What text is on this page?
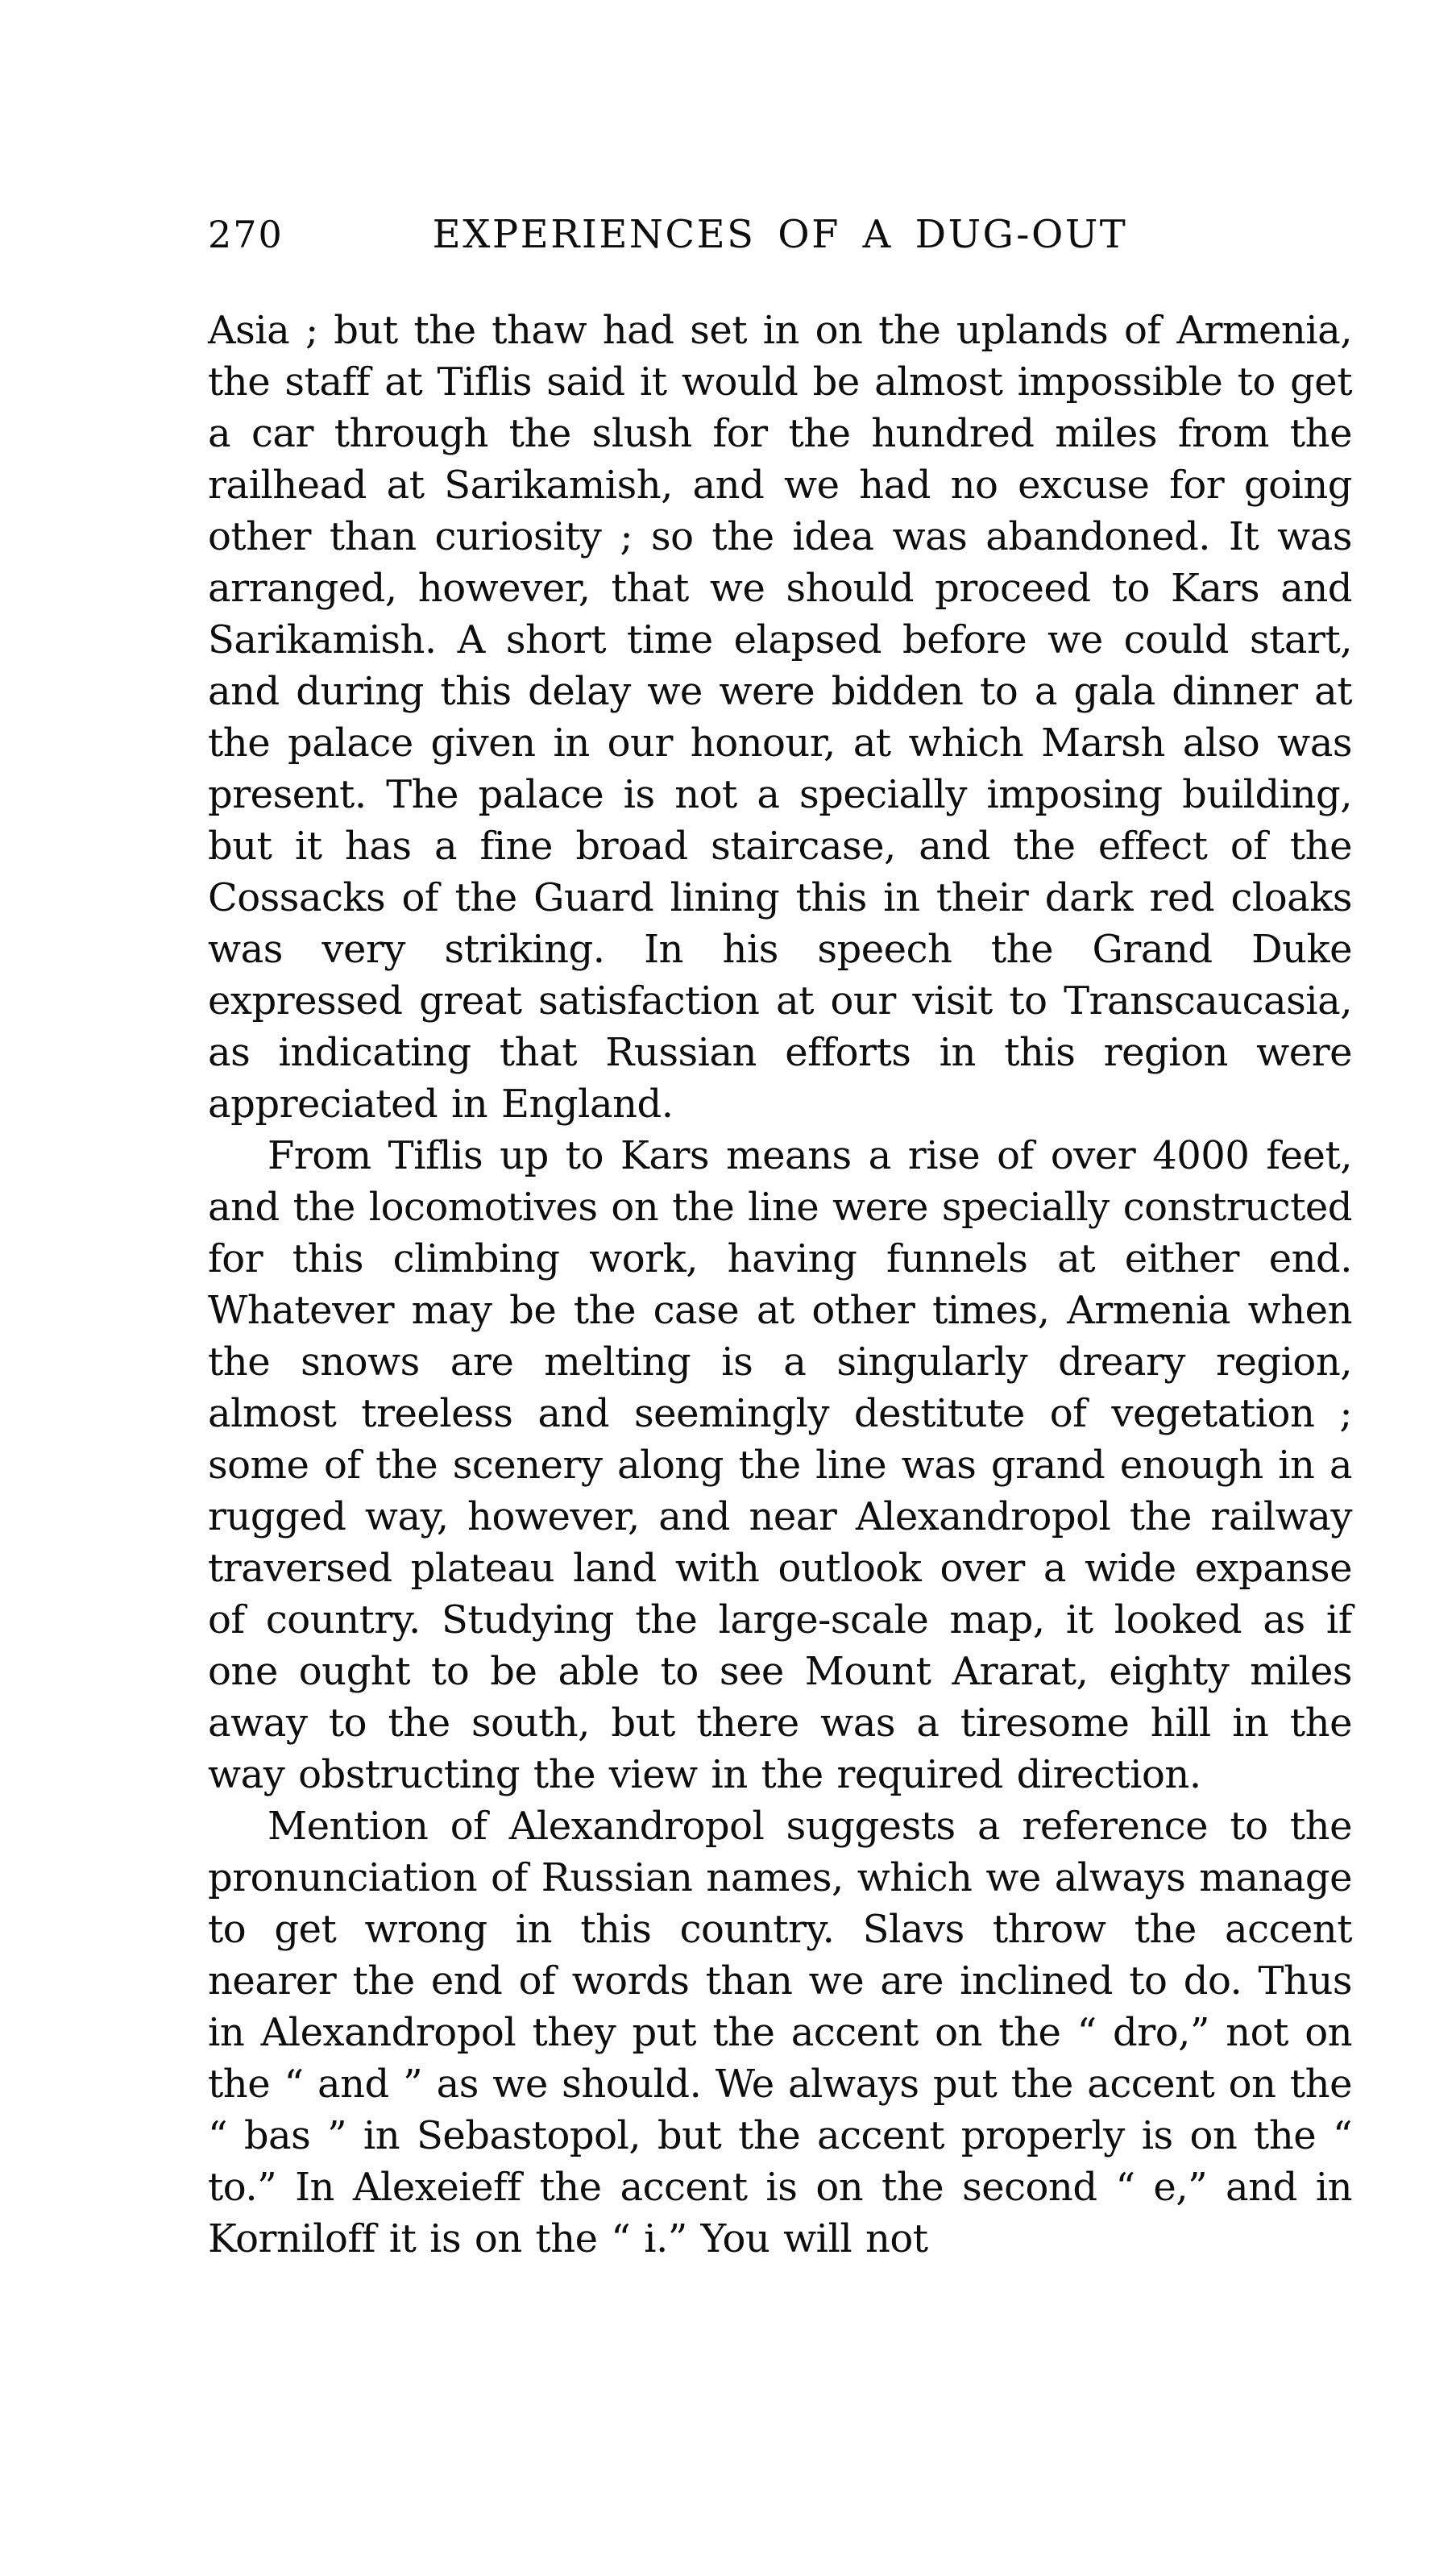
270	EXPERIENCES OF A DUG-OUT

Asia ; but the thaw had set in on the uplands of Armenia, the staff at Tiflis said it would be almost impossible to get a car through the slush for the hundred miles from the railhead at Sarikamish, and we had no excuse for going other than curiosity ; so the idea was abandoned. It was arranged, however, that we should proceed to Kars and Sarikamish. A short time elapsed before we could start, and during this delay we were bidden to a gala dinner at the palace given in our honour, at which Marsh also was present. The palace is not a specially imposing building, but it has a fine broad staircase, and the effect of the Cossacks of the Guard lining this in their dark red cloaks was very striking. In his speech the Grand Duke expressed great satisfaction at our visit to Transcaucasia, as indicating that Russian efforts in this region were appreciated in England.

From Tiflis up to Kars means a rise of over 4000 feet, and the locomotives on the line were specially constructed for this climbing work, having funnels at either end. Whatever may be the case at other times, Armenia when the snows are melting is a singularly dreary region, almost treeless and seemingly destitute of vegetation ; some of the scenery along the line was grand enough in a rugged way, however, and near Alexandropol the railway traversed plateau land with outlook over a wide expanse of country. Studying the large-scale map, it looked as if one ought to be able to see Mount Ararat, eighty miles away to the south, but there was a tiresome hill in the way obstructing the view in the required direction.

Mention of Alexandropol suggests a reference to the pronunciation of Russian names, which we always manage to get wrong in this country. Slavs throw the accent nearer the end of words than we are inclined to do. Thus in Alexandropol they put the accent on the “ dro,” not on the “ and ” as we should. We always put the accent on the “ bas ” in Sebastopol, but the accent properly is on the “ to.” In Alexeieff the accent is on the second “ e,” and in Korniloff it is on the “ i.” You will not
